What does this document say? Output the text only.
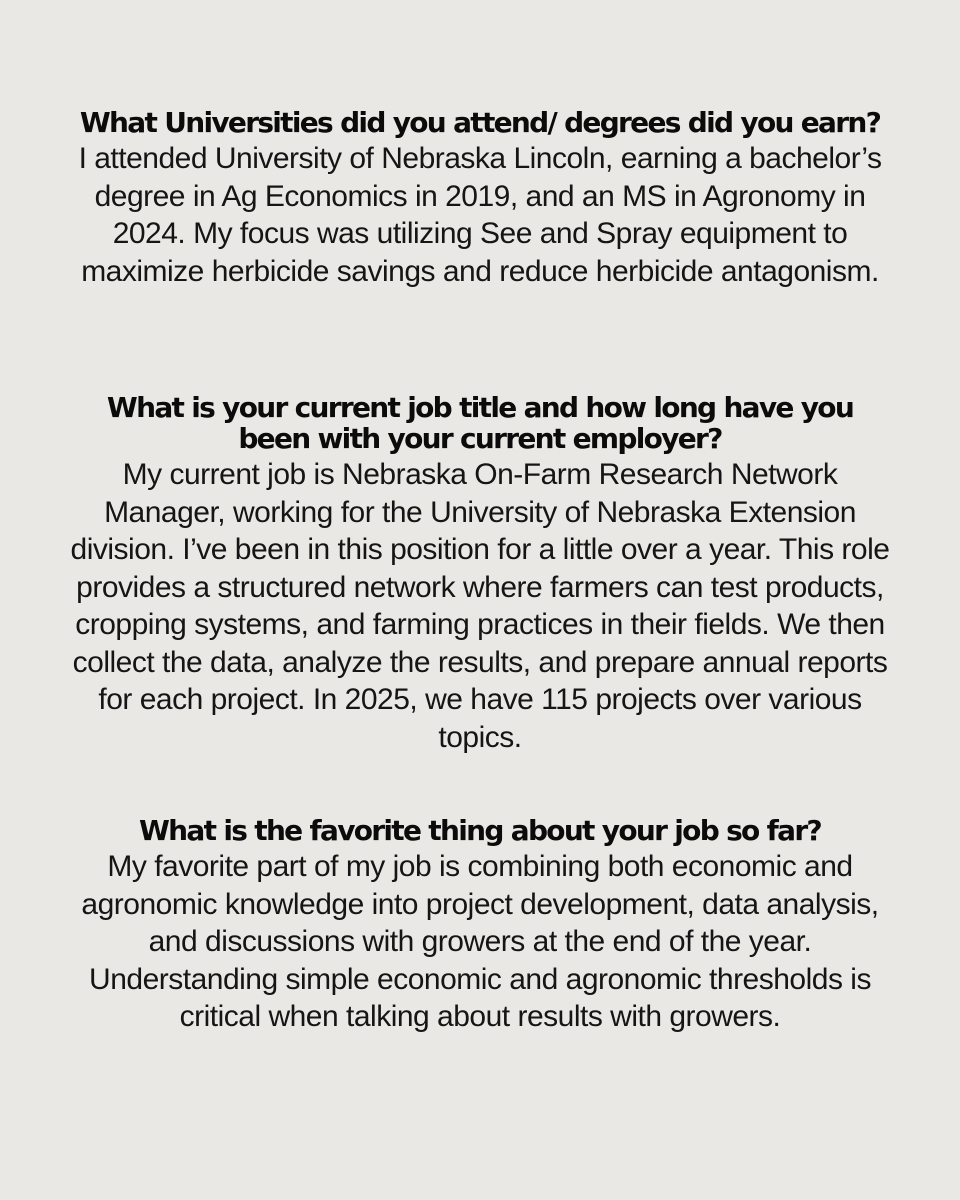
What Universities did you attend/ degrees did you earn?

I attended University of Nebraska Lincoln, earning a bachelor’s degree in Ag Economics in 2019, and an MS in Agronomy in 2024. My focus was utilizing See and Spray equipment to maximize herbicide savings and reduce herbicide antagonism.

What is your current job title and how long have you been with your current employer?

My current job is Nebraska On-Farm Research Network Manager, working for the University of Nebraska Extension division. I’ve been in this position for a little over a year. This role provides a structured network where farmers can test products, cropping systems, and farming practices in their fields. We then collect the data, analyze the results, and prepare annual reports for each project. In 2025, we have 115 projects over various topics.

What is the favorite thing about your job so far?

My favorite part of my job is combining both economic and agronomic knowledge into project development, data analysis, and discussions with growers at the end of the year. Understanding simple economic and agronomic thresholds is critical when talking about results with growers.
